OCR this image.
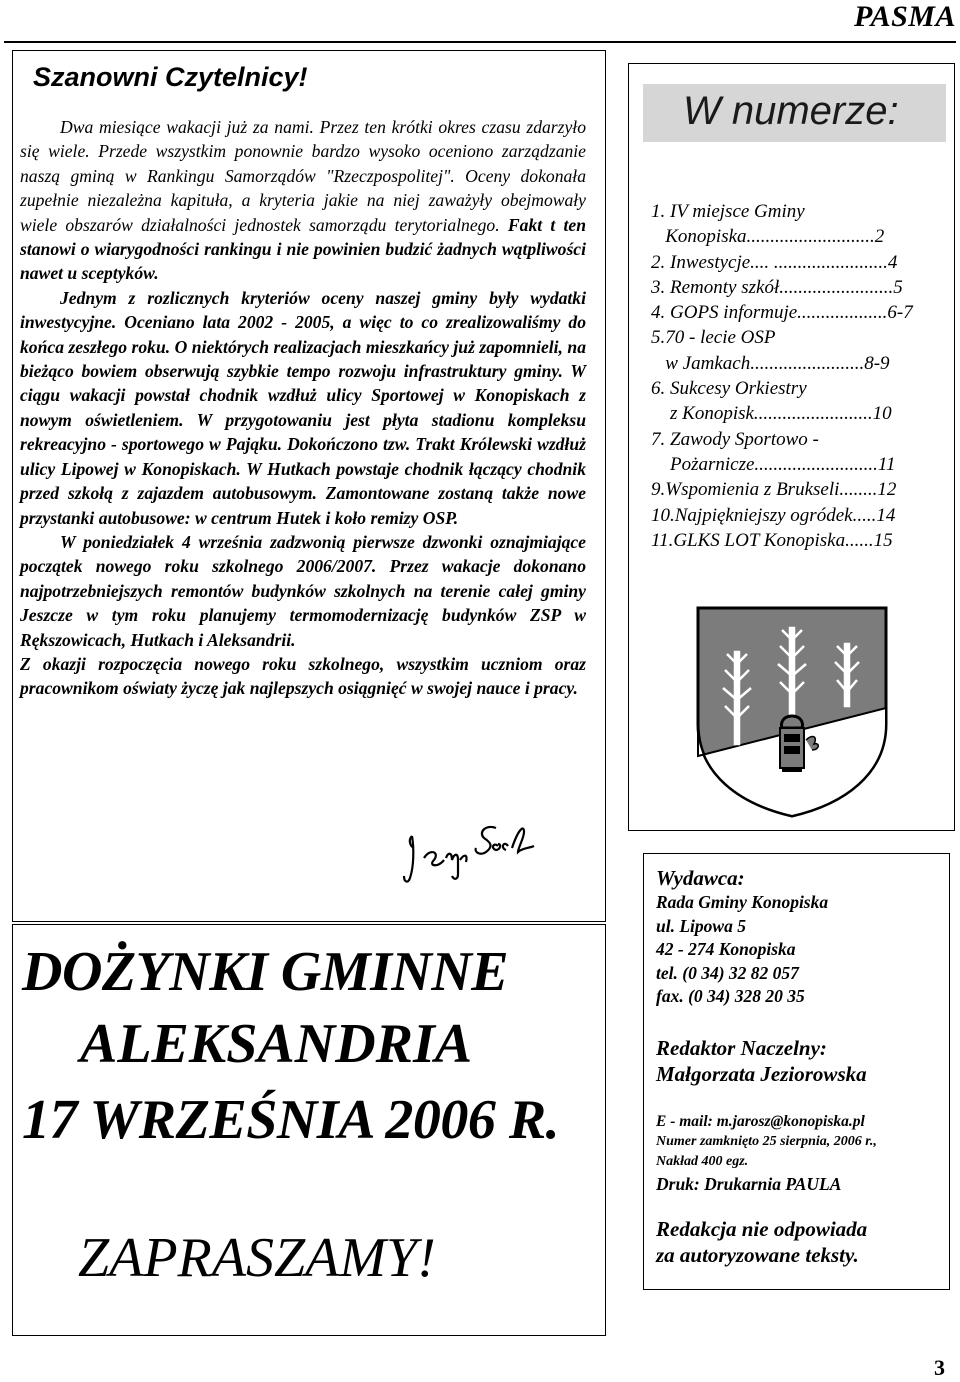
PASMA
Szanowni Czytelnicy!

Dwa miesiące wakacji już za nami. Przez ten krótki okres czasu zdarzyło się wiele. Przede wszystkim ponownie bardzo wysoko oceniono zarządzanie naszą gminą w Rankingu Samorządów "Rzeczpospolitej". Oceny dokonała zupełnie niezależna kapituła, a kryteria jakie na niej zaważyły obejmowały wiele obszarów działalności jednostek samorządu terytorialnego. Fakt t ten stanowi o wiarygodności rankingu i nie powinien budzić żadnych wątpliwości nawet u sceptyków.

Jednym z rozlicznych kryteriów oceny naszej gminy były wydatki inwestycyjne. Oceniano lata 2002 - 2005, a więc to co zrealizowaliśmy do końca zeszłego roku. O niektórych realizacjach mieszkańcy już zapomnieli, na bieżąco bowiem obserwują szybkie tempo rozwoju infrastruktury gminy. W ciągu wakacji powstał chodnik wzdłuż ulicy Sportowej w Konopiskach z nowym oświetleniem. W przygotowaniu jest płyta stadionu kompleksu rekreacyjno - sportowego w Pająku. Dokończono tzw. Trakt Królewski wzdłuż ulicy Lipowej w Konopiskach. W Hutkach powstaje chodnik łączący chodnik przed szkołą z zajazdem autobusowym. Zamontowane zostaną także nowe przystanki autobusowe: w centrum Hutek i koło remizy OSP.

W poniedziałek 4 września zadzwonią pierwsze dzwonki oznajmiające początek nowego roku szkolnego 2006/2007. Przez wakacje dokonano najpotrzebniejszych remontów budynków szkolnych na terenie całej gminy Jeszcze w tym roku planujemy termomodernizację budynków ZSP w Rększowicach, Hutkach i Aleksandrii.

Z okazji rozpoczęcia nowego roku szkolnego, wszystkim uczniom oraz pracownikom oświaty życzę jak najlepszych osiągnięć w swojej nauce i pracy.

DOŻYNKI GMINNE
ALEKSANDRIA
17 WRZEŚNIA 2006 R.
ZAPRASZAMY!
W numerze:
1. IV miejsce Gminy
Konopiska...........................2
2. Inwestycje.... ........................4
3. Remonty szkół........................5
4. GOPS informuje...................6-7
5.70 - lecie OSP
w Jamkach........................8-9
6. Sukcesy Orkiestry
z Konopisk.........................10
7. Zawody Sportowo -
Pożarnicze..........................11
9.Wspomienia z Brukseli........12
10.Najpiękniejszy ogródek.....14
11.GLKS LOT Konopiska......15
Wydawca:
Rada Gminy Konopiska
ul. Lipowa 5
42 - 274 Konopiska
tel. (0 34) 32 82 057
fax. (0 34) 328 20 35
Redaktor Naczelny:
Małgorzata Jeziorowska
E - mail: m.jarosz@konopiska.pl
Numer zamknięto 25 sierpnia, 2006 r.,
Nakład 400 egz.
Druk: Drukarnia PAULA
Redakcja nie odpowiada
za autoryzowane teksty.
3
